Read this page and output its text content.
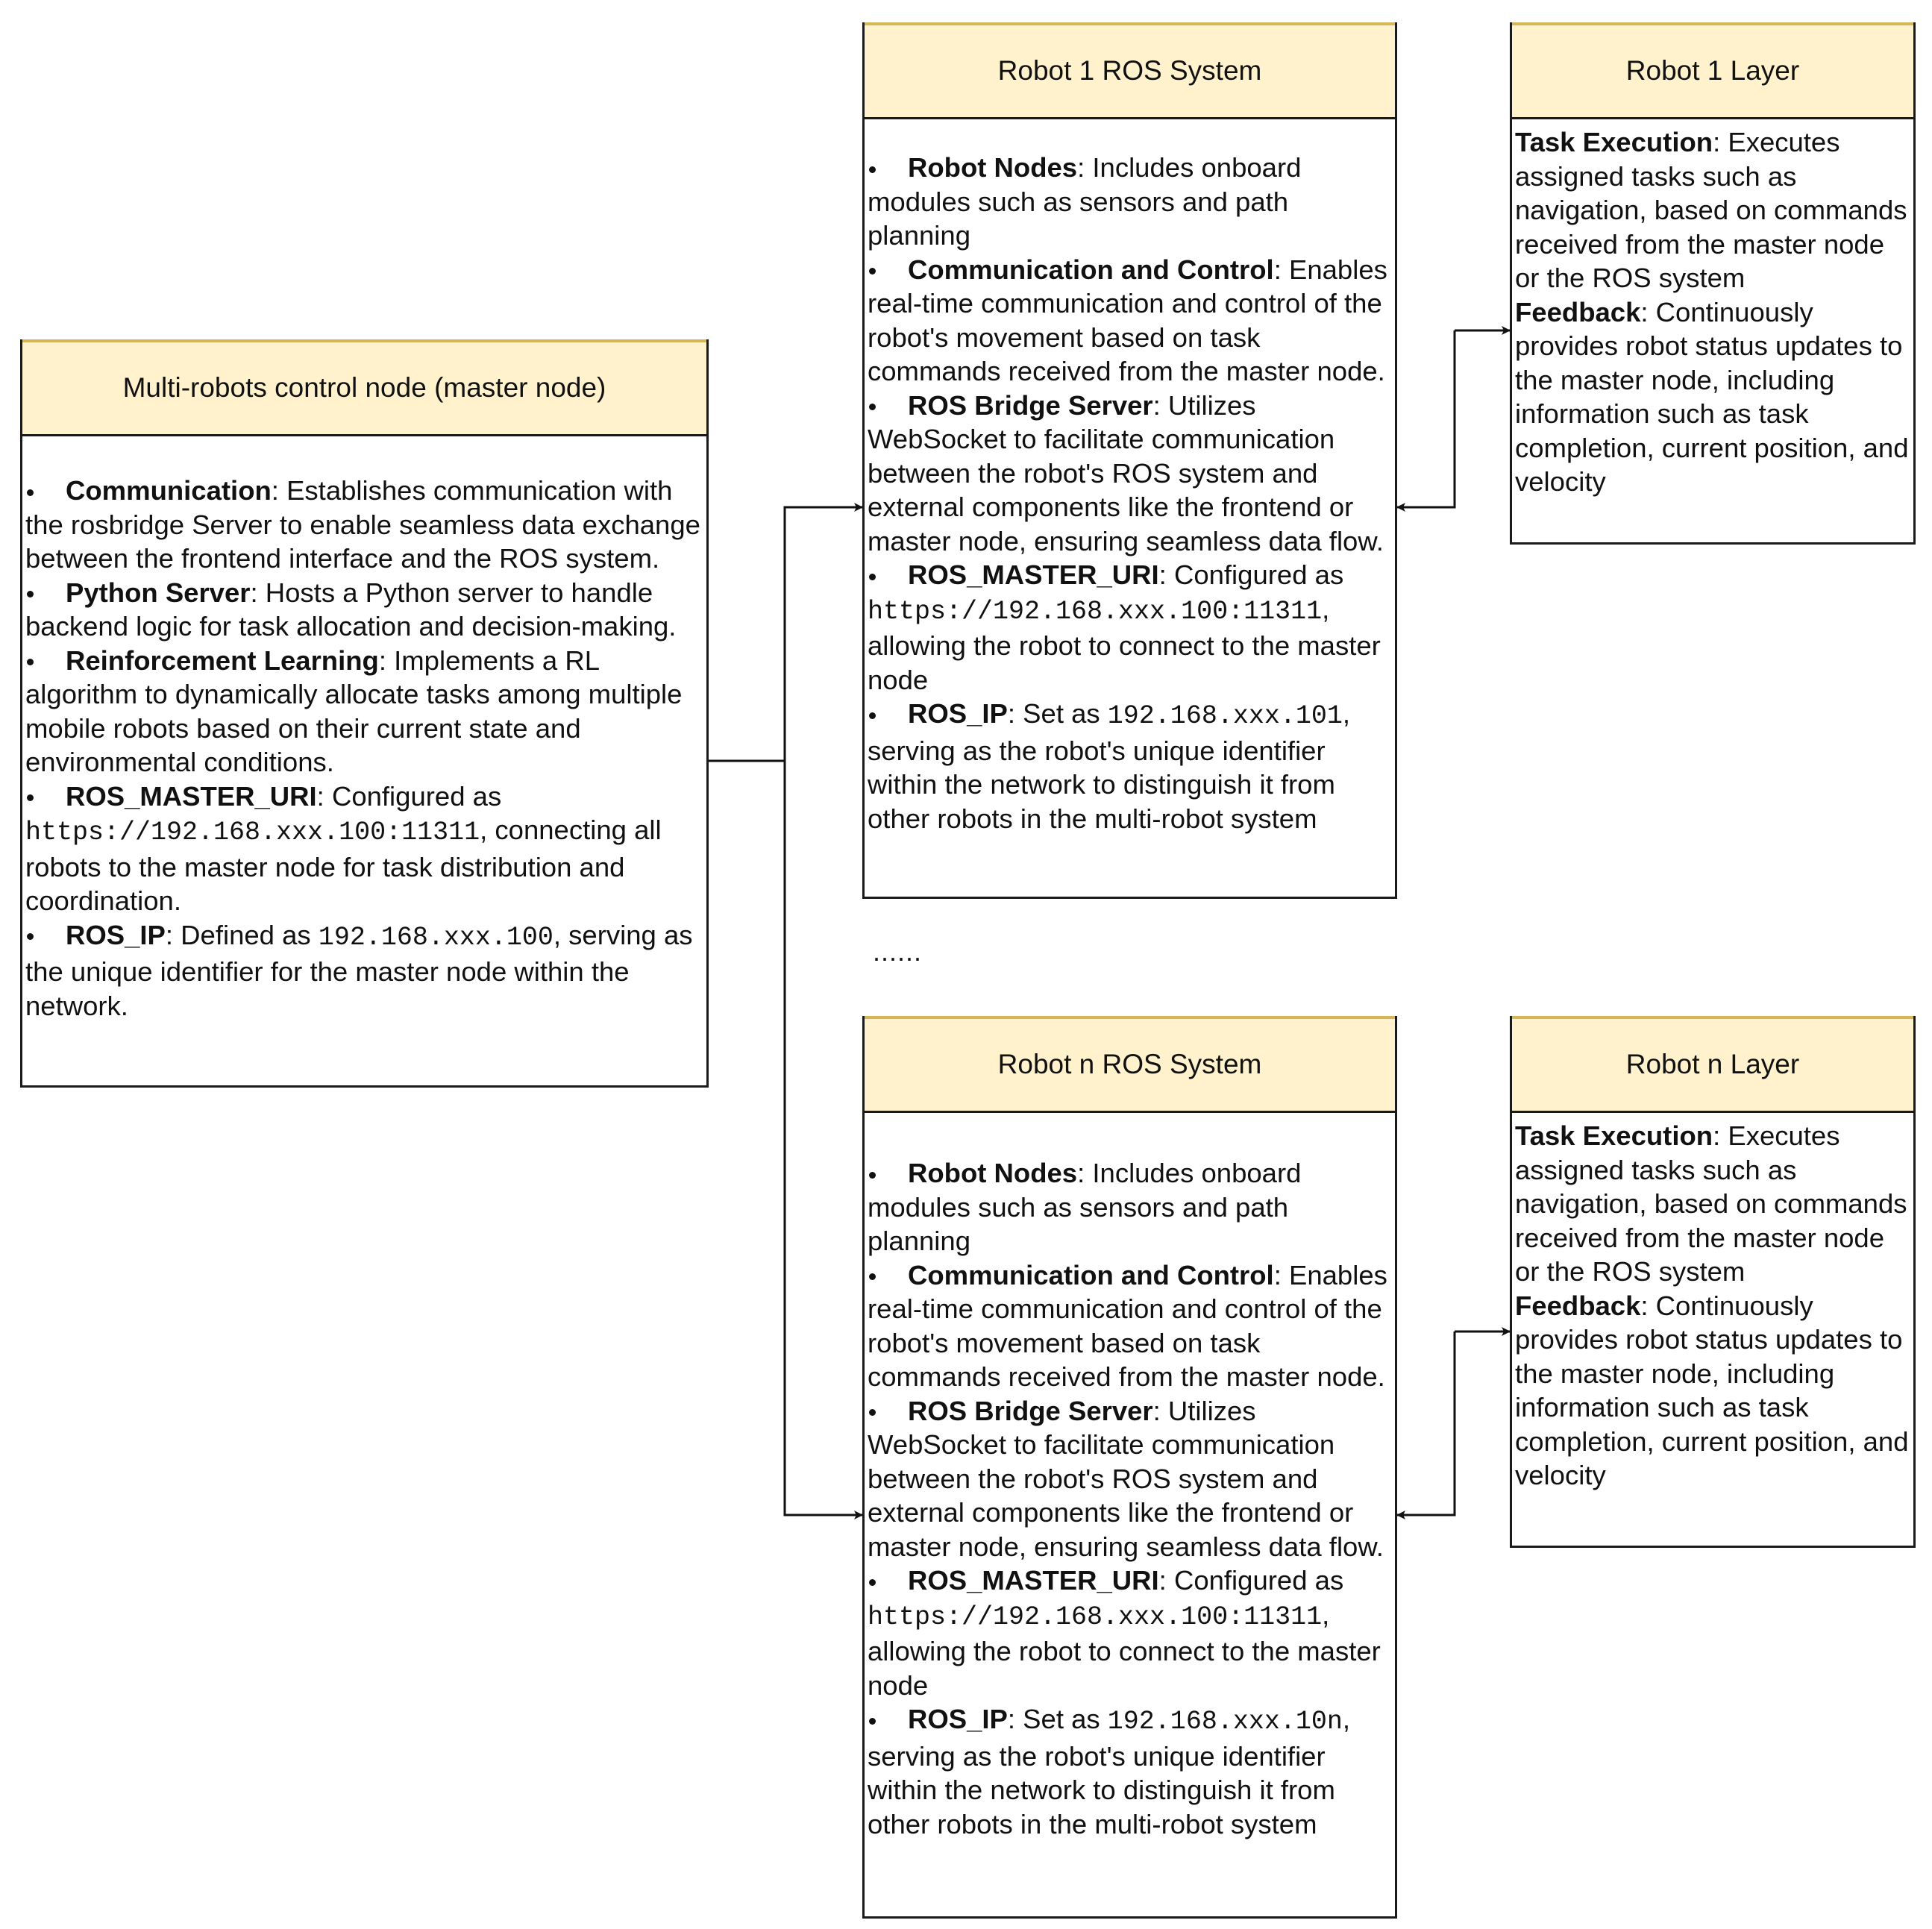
Multi-robots control node (master node)

Communication: Establishes communication with the rosbridge Server to enable seamless data exchange between the frontend interface and the ROS system.

Python Server: Hosts a Python server to handle backend logic for task allocation and decision-making.

Reinforcement Learning: Implements a RL algorithm to dynamically allocate tasks among multiple mobile robots based on their current state and environmental conditions.

ROS_MASTER_URI: Configured as https://192.168.xxx.100:11311, connecting all robots to the master node for task distribution and coordination.

ROS_IP: Defined as 192.168.xxx.100, serving as the unique identifier for the master node within the network.

Robot 1 ROS System

Robot Nodes: Includes onboard modules such as sensors and path planning

Communication and Control: Enables real-time communication and control of the robot's movement based on task commands received from the master node.

ROS Bridge Server: Utilizes WebSocket to facilitate communication between the robot's ROS system and external components like the frontend or master node, ensuring seamless data flow.

ROS_MASTER_URI: Configured as https://192.168.xxx.100:11311, allowing the robot to connect to the master node

ROS_IP: Set as 192.168.xxx.101, serving as the robot's unique identifier within the network to distinguish it from other robots in the multi-robot system

Robot 1 Layer

Task Execution: Executes assigned tasks such as navigation, based on commands received from the master node or the ROS system

Feedback: Continuously provides robot status updates to the master node, including information such as task completion, current position, and velocity

......
Robot n ROS System

Robot Nodes: Includes onboard modules such as sensors and path planning

Communication and Control: Enables real-time communication and control of the robot's movement based on task commands received from the master node.

ROS Bridge Server: Utilizes WebSocket to facilitate communication between the robot's ROS system and external components like the frontend or master node, ensuring seamless data flow.

ROS_MASTER_URI: Configured as https://192.168.xxx.100:11311, allowing the robot to connect to the master node

ROS_IP: Set as 192.168.xxx.10n, serving as the robot's unique identifier within the network to distinguish it from other robots in the multi-robot system

Robot n Layer

Task Execution: Executes assigned tasks such as navigation, based on commands received from the master node or the ROS system

Feedback: Continuously provides robot status updates to the master node, including information such as task completion, current position, and velocity
